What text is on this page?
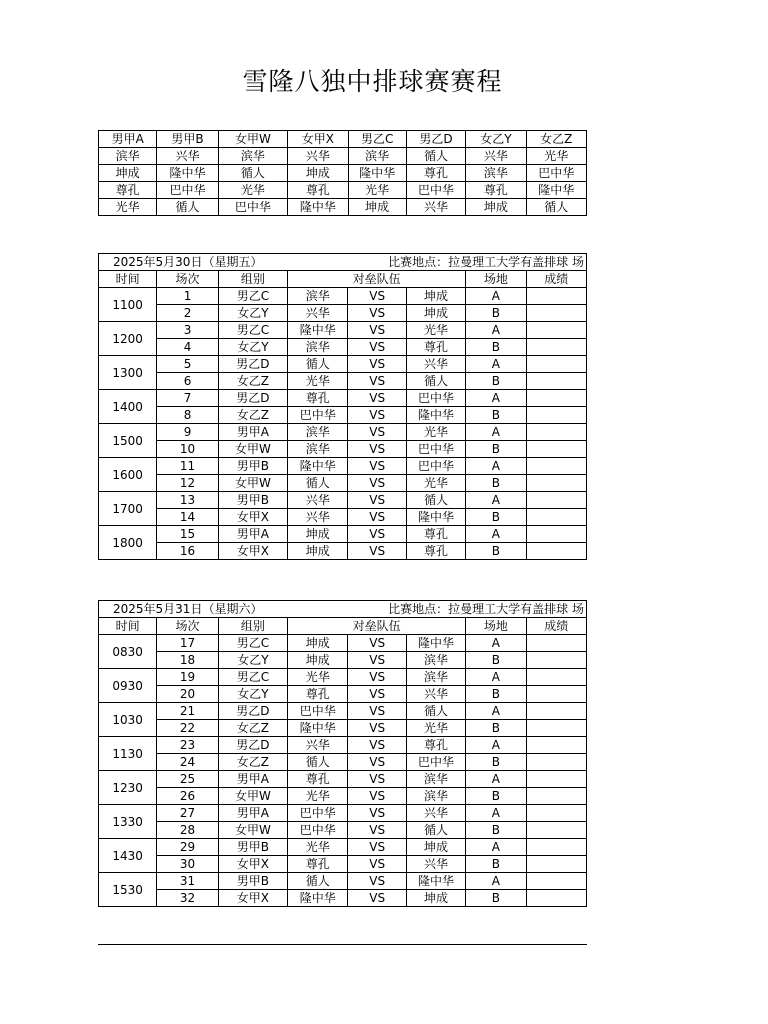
雪隆八独中排球赛赛程
男甲A	男甲B	女甲W	女甲X	男乙C	男乙D	女乙Y	女乙Z
滨华	兴华	滨华	兴华	滨华	循人	兴华	光华
坤成	隆中华	循人	坤成	隆中华	尊孔	滨华	巴中华
尊孔	巴中华	光华	尊孔	光华	巴中华	尊孔	隆中华
光华	循人	巴中华	隆中华	坤成	兴华	坤成	循人
2025年5月30日（星期五） 比赛地点：拉曼理工大学有盖排球 场							

时间	场次	组别	对垒队伍			场地	成绩
1100	1	男乙C	滨华	VS	坤成	A	
	2	女乙Y	兴华	VS	坤成	B	
1200	3	男乙C	隆中华	VS	光华	A	
	4	女乙Y	滨华	VS	尊孔	B	
1300	5	男乙D	循人	VS	兴华	A	
	6	女乙Z	光华	VS	循人	B	
1400	7	男乙D	尊孔	VS	巴中华	A	
	8	女乙Z	巴中华	VS	隆中华	B	
1500	9	男甲A	滨华	VS	光华	A	
	10	女甲W	滨华	VS	巴中华	B	
1600	11	男甲B	隆中华	VS	巴中华	A	
	12	女甲W	循人	VS	光华	B	
1700	13	男甲B	兴华	VS	循人	A	
	14	女甲X	兴华	VS	隆中华	B	
1800	15	男甲A	坤成	VS	尊孔	A	
	16	女甲X	坤成	VS	尊孔	B	
2025年5月31日（星期六） 比赛地点：拉曼理工大学有盖排球 场							

时间	场次	组别	对垒队伍			场地	成绩
0830	17	男乙C	坤成	VS	隆中华	A	
	18	女乙Y	坤成	VS	滨华	B	
0930	19	男乙C	光华	VS	滨华	A	
	20	女乙Y	尊孔	VS	兴华	B	
1030	21	男乙D	巴中华	VS	循人	A	
	22	女乙Z	隆中华	VS	光华	B	
1130	23	男乙D	兴华	VS	尊孔	A	
	24	女乙Z	循人	VS	巴中华	B	
1230	25	男甲A	尊孔	VS	滨华	A	
	26	女甲W	光华	VS	滨华	B	
1330	27	男甲A	巴中华	VS	兴华	A	
	28	女甲W	巴中华	VS	循人	B	
1430	29	男甲B	光华	VS	坤成	A	
	30	女甲X	尊孔	VS	兴华	B	
1530	31	男甲B	循人	VS	隆中华	A	
	32	女甲X	隆中华	VS	坤成	B	
